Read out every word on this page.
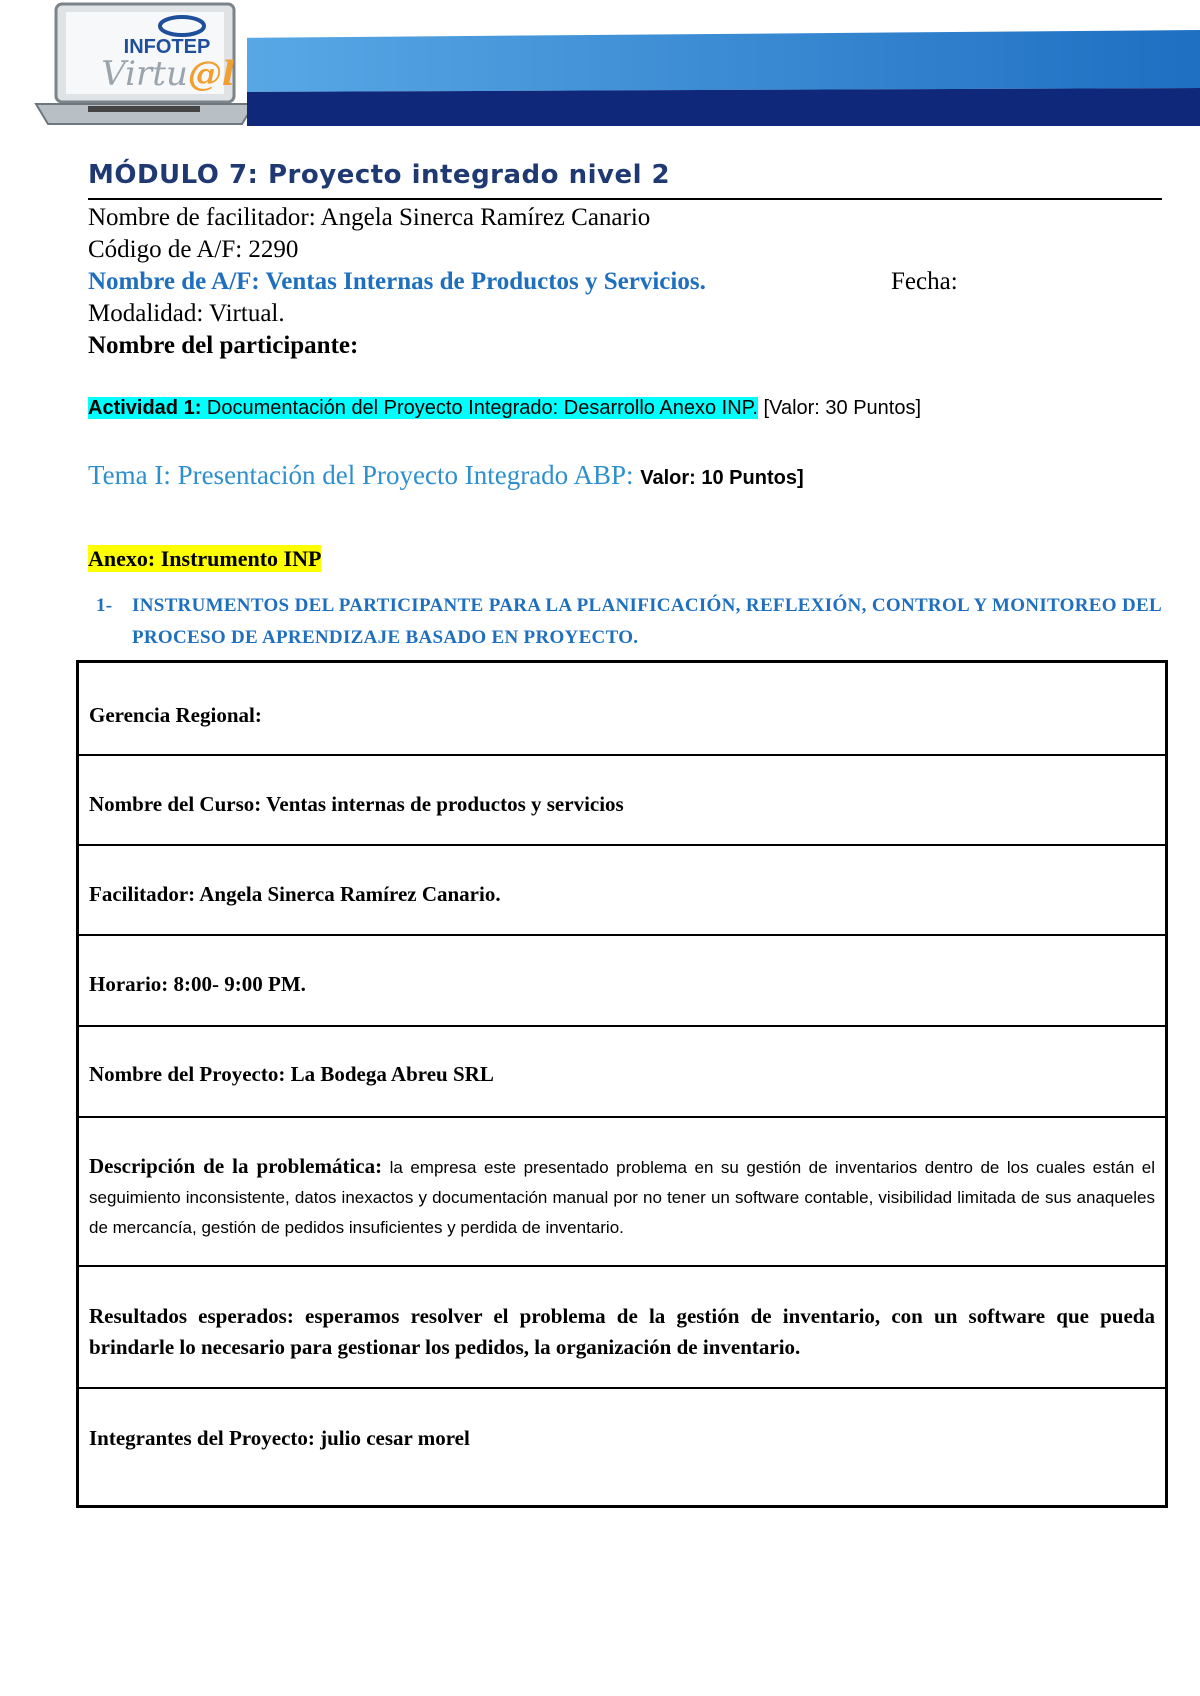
INFOTEP
Virtu@l
MÓDULO 7: Proyecto integrado nivel 2
Nombre de facilitador: Angela Sinerca Ramírez Canario
Código de A/F: 2290
Nombre de A/F: Ventas Internas de Productos y Servicios.	Fecha:
Modalidad: Virtual.
Nombre del participante:
Actividad 1: Documentación del Proyecto Integrado: Desarrollo Anexo INP. [Valor: 30 Puntos]
Tema I: Presentación del Proyecto Integrado ABP: Valor: 10 Puntos]
Anexo: Instrumento INP
1- INSTRUMENTOS DEL PARTICIPANTE PARA LA PLANIFICACIÓN, REFLEXIÓN, CONTROL Y MONITOREO DEL PROCESO DE APRENDIZAJE BASADO EN PROYECTO.
Gerencia Regional:
Nombre del Curso: Ventas internas de productos y servicios
Facilitador: Angela Sinerca Ramírez Canario.
Horario: 8:00- 9:00 PM.
Nombre del Proyecto: La Bodega Abreu SRL
Descripción de la problemática: la empresa este presentado problema en su gestión de inventarios dentro de los cuales están el seguimiento inconsistente, datos inexactos y documentación manual por no tener un software contable, visibilidad limitada de sus anaqueles de mercancía, gestión de pedidos insuficientes y perdida de inventario.
Resultados esperados: esperamos resolver el problema de la gestión de inventario, con un software que pueda brindarle lo necesario para gestionar los pedidos, la organización de inventario.
Integrantes del Proyecto: julio cesar morel
